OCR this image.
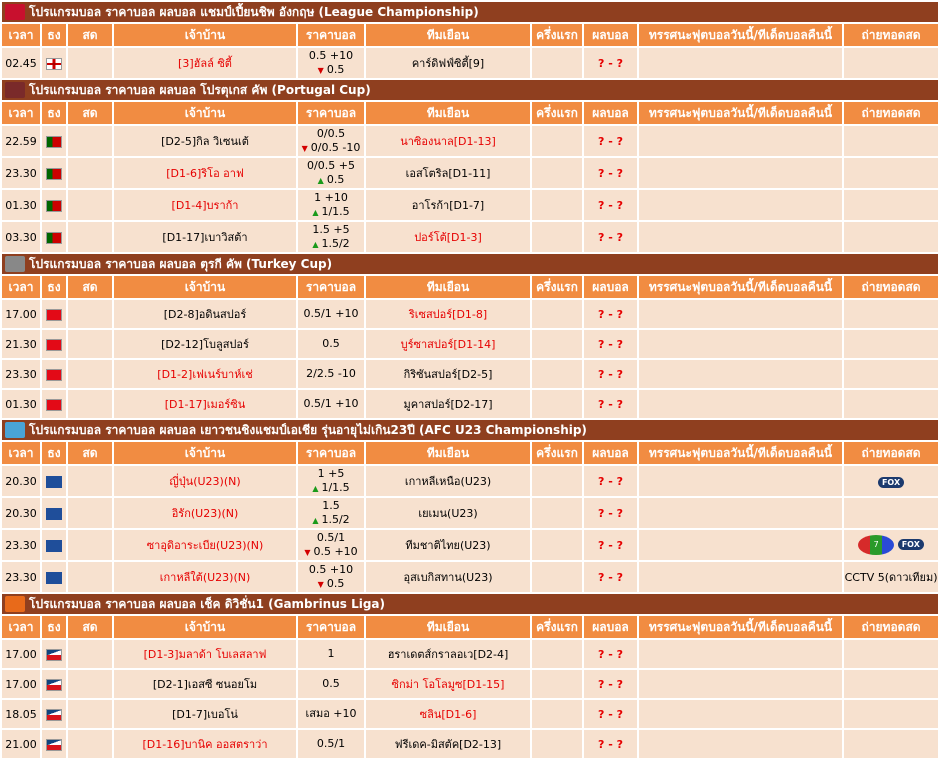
โปรแกรมบอล ราคาบอล ผลบอล แชมป์เปี้ยนชิพ อังกฤษ (League Championship)									
เวลา	ธง	สด	เจ้าบ้าน	ราคาบอล	ทีมเยือน	ครึ่งแรก	ผลบอล	ทรรศนะฟุตบอลวันนี้/ทีเด็ดบอลคืนนี้	ถ่ายทอดสด
02.45			[3]ฮัลล์ ซิตี้	0.5 +10
▼ 0.5	คาร์ดิฟฟ์ซิตี้[9]		? - ?		
โปรแกรมบอล ราคาบอล ผลบอล โปรตุเกส คัพ (Portugal Cup)									
เวลา	ธง	สด	เจ้าบ้าน	ราคาบอล	ทีมเยือน	ครึ่งแรก	ผลบอล	ทรรศนะฟุตบอลวันนี้/ทีเด็ดบอลคืนนี้	ถ่ายทอดสด
22.59			[D2-5]กิล วิเซนเต้	0/0.5
▼ 0/0.5 -10	นาซิองนาล[D1-13]		? - ?		
23.30			[D1-6]ริโอ อาฟ	0/0.5 +5
▲ 0.5	เอสโตริล[D1-11]		? - ?		
01.30			[D1-4]บราก้า	1 +10
▲ 1/1.5	อาโรก้า[D1-7]		? - ?		
03.30			[D1-17]เบาวิสต้า	1.5 +5
▲ 1.5/2	ปอร์โต้[D1-3]		? - ?		
โปรแกรมบอล ราคาบอล ผลบอล ตุรกี คัพ (Turkey Cup)									
เวลา	ธง	สด	เจ้าบ้าน	ราคาบอล	ทีมเยือน	ครึ่งแรก	ผลบอล	ทรรศนะฟุตบอลวันนี้/ทีเด็ดบอลคืนนี้	ถ่ายทอดสด
17.00			[D2-8]อดินสปอร์	0.5/1 +10	ริเซสปอร์[D1-8]		? - ?		
21.30			[D2-12]โบลูสปอร์	0.5	บูร์ซาสปอร์[D1-14]		? - ?		
23.30			[D1-2]เฟเนร์บาห์เช่	2/2.5 -10	กิริซันสปอร์[D2-5]		? - ?		
01.30			[D1-17]เมอร์ซิน	0.5/1 +10	มูคาสปอร์[D2-17]		? - ?		
โปรแกรมบอล ราคาบอล ผลบอล เยาวชนชิงแชมป์เอเชีย รุ่นอายุไม่เกิน23ปี (AFC U23 Championship)									
เวลา	ธง	สด	เจ้าบ้าน	ราคาบอล	ทีมเยือน	ครึ่งแรก	ผลบอล	ทรรศนะฟุตบอลวันนี้/ทีเด็ดบอลคืนนี้	ถ่ายทอดสด
20.30			ญี่ปุ่น(U23)(N)	1 +5
▲ 1/1.5	เกาหลีเหนือ(U23)		? - ?		FOX
20.30			อิรัก(U23)(N)	1.5
▲ 1.5/2	เยเมน(U23)		? - ?		
23.30			ซาอุดิอาระเบีย(U23)(N)	0.5/1
▼ 0.5 +10	ทีมชาติไทย(U23)		? - ?		7 FOX
23.30			เกาหลีใต้(U23)(N)	0.5 +10
▼ 0.5	อุสเบกิสทาน(U23)		? - ?		CCTV 5(ดาวเทียม)

โปรแกรมบอล ราคาบอล ผลบอล เช็ค ดิวิชั่น1 (Gambrinus Liga)									
เวลา	ธง	สด	เจ้าบ้าน	ราคาบอล	ทีมเยือน	ครึ่งแรก	ผลบอล	ทรรศนะฟุตบอลวันนี้/ทีเด็ดบอลคืนนี้	ถ่ายทอดสด
17.00			[D1-3]มลาด้า โบเลสลาฟ	1	ฮราเดตส์กราลอเว[D2-4]		? - ?		
17.00			[D2-1]เอสซี ซนอยโม	0.5	ซิกม่า โอโลมูซ[D1-15]		? - ?		
18.05			[D1-7]เบอโน่	เสมอ +10	ซลิน[D1-6]		? - ?		
21.00			[D1-16]บานิค ออสตราว่า	0.5/1	ฟรีเดค-มิสตัค[D2-13]		? - ?		
